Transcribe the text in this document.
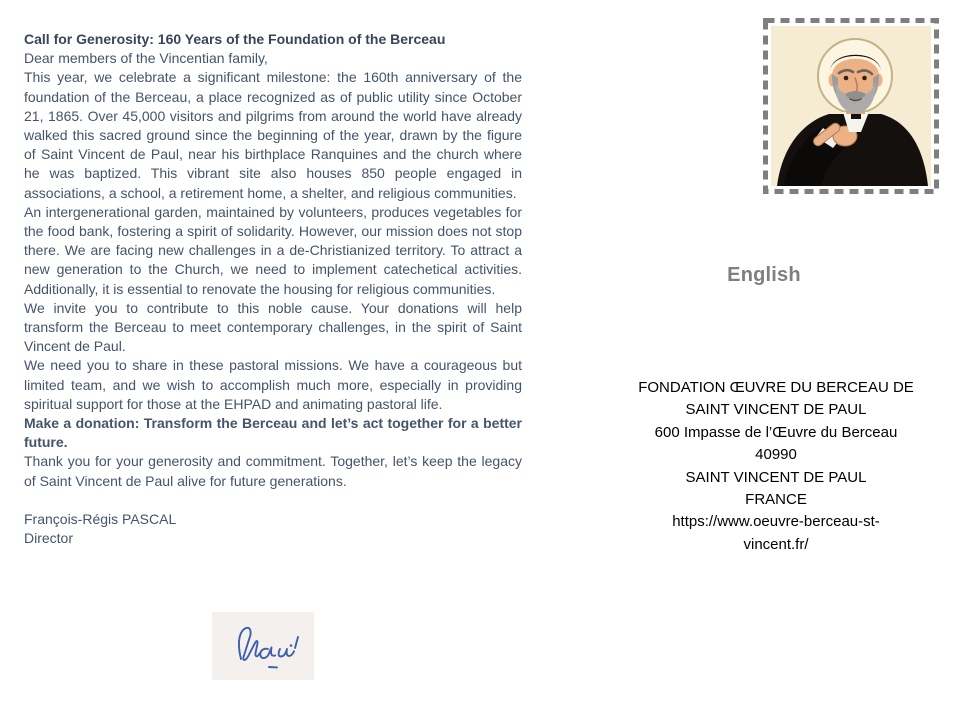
Call for Generosity: 160 Years of the Foundation of the Berceau

Dear members of the Vincentian family,

This year, we celebrate a significant milestone: the 160th anniversary of the foundation of the Berceau, a place recognized as of public utility since October 21, 1865. Over 45,000 visitors and pilgrims from around the world have already walked this sacred ground since the beginning of the year, drawn by the figure of Saint Vincent de Paul, near his birthplace Ranquines and the church where he was baptized. This vibrant site also houses 850 people engaged in associations, a school, a retirement home, a shelter, and religious communities.

An intergenerational garden, maintained by volunteers, produces vegetables for the food bank, fostering a spirit of solidarity. However, our mission does not stop there. We are facing new challenges in a de-Christianized territory. To attract a new generation to the Church, we need to implement catechetical activities. Additionally, it is essential to renovate the housing for religious communities.

We invite you to contribute to this noble cause. Your donations will help transform the Berceau to meet contemporary challenges, in the spirit of Saint Vincent de Paul.

We need you to share in these pastoral missions. We have a courageous but limited team, and we wish to accomplish much more, especially in providing spiritual support for those at the EHPAD and animating pastoral life.

Make a donation: Transform the Berceau and let’s act together for a better future.

Thank you for your generosity and commitment. Together, let’s keep the legacy of Saint Vincent de Paul alive for future generations.

François-Régis PASCAL
Director
English
FONDATION ŒUVRE DU BERCEAU DE
SAINT VINCENT DE PAUL
600 Impasse de l’Œuvre du Berceau
40990
SAINT VINCENT DE PAUL
FRANCE
https://www.oeuvre-berceau-st-
vincent.fr/
